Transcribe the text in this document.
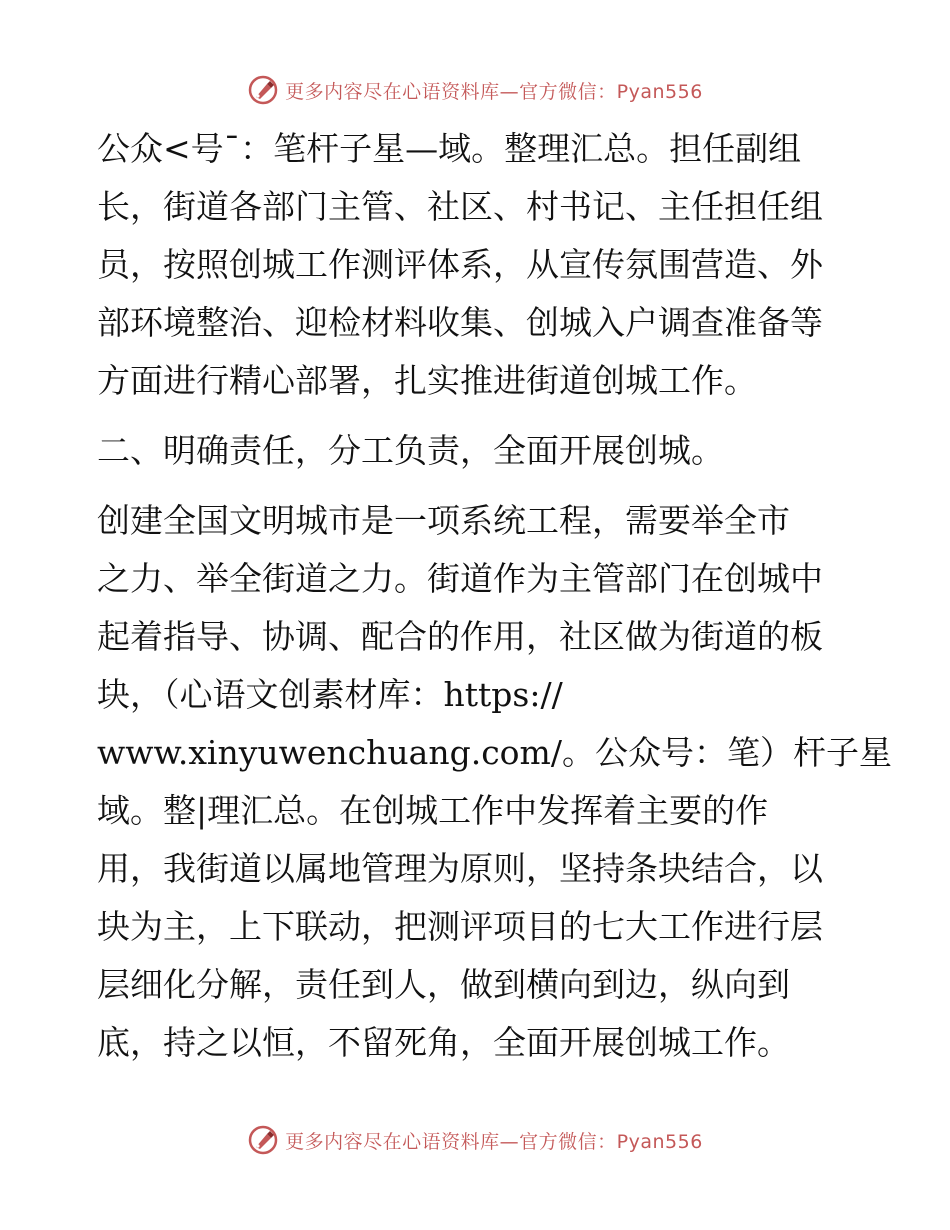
更多内容尽在心语资料库—官方微信：Pyan556

公众<号¯：笔杆子星—域。整理汇总。担任副组
长，街道各部门主管、社区、村书记、主任担任组
员，按照创城工作测评体系，从宣传氛围营造、外
部环境整治、迎检材料收集、创城入户调查准备等
方面进行精心部署，扎实推进街道创城工作。

二、明确责任，分工负责，全面开展创城。

创建全国文明城市是一项系统工程，需要举全市
之力、举全街道之力。街道作为主管部门在创城中
起着指导、协调、配合的作用，社区做为街道的板
块，（心语文创素材库：https://
www.xinyuwenchuang.com/。公众号：笔）杆子星
域。整|理汇总。在创城工作中发挥着主要的作
用，我街道以属地管理为原则，坚持条块结合，以
块为主，上下联动，把测评项目的七大工作进行层
层细化分解，责任到人，做到横向到边，纵向到
底，持之以恒，不留死角，全面开展创城工作。

更多内容尽在心语资料库—官方微信：Pyan556
